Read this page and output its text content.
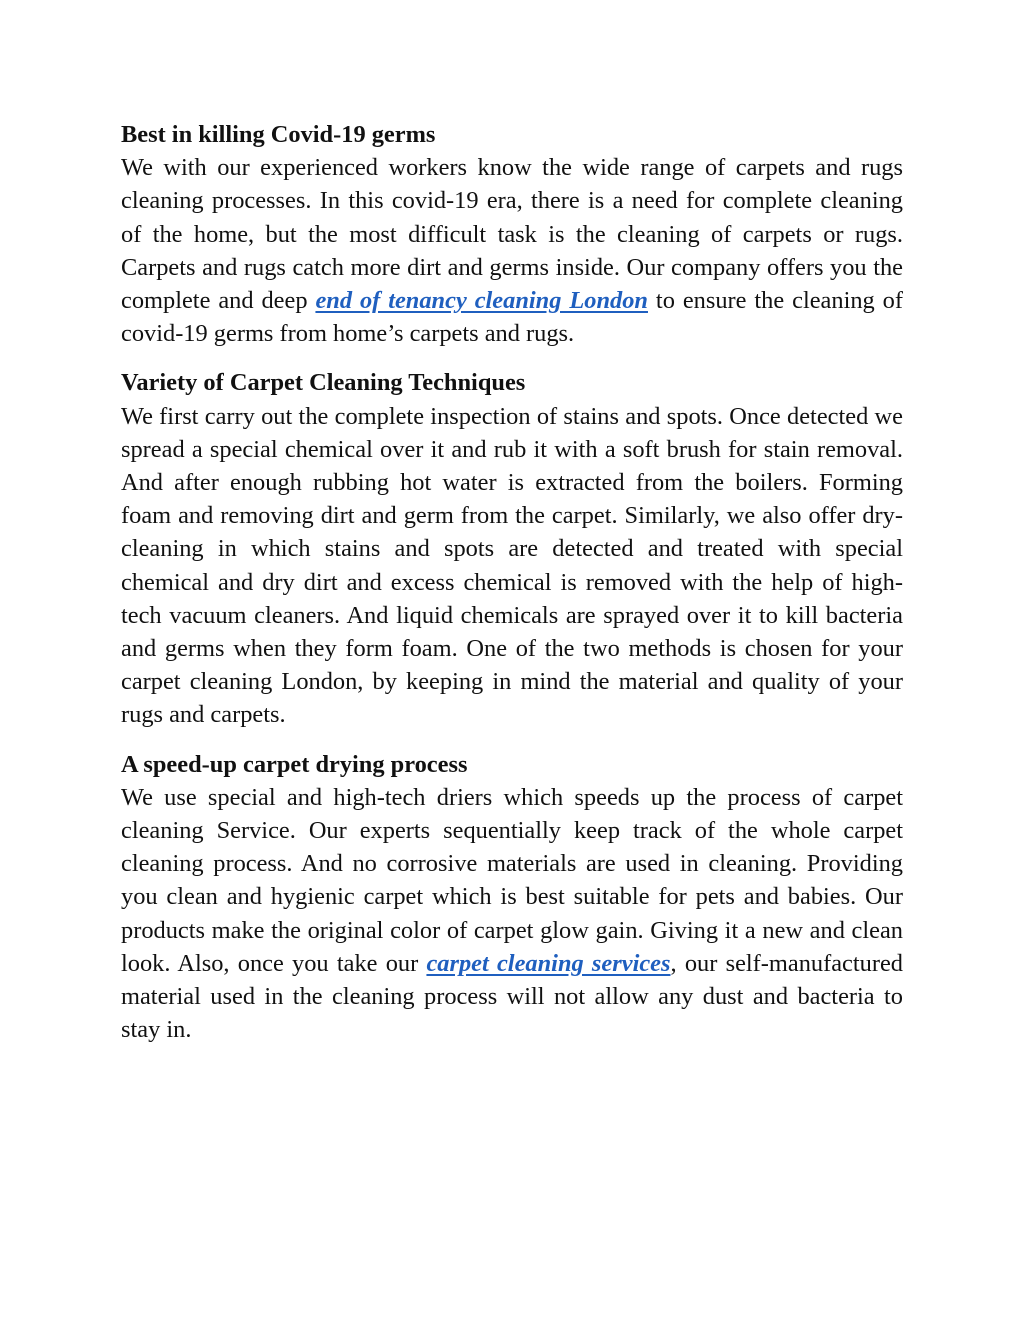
Best in killing Covid-19 germs

We with our experienced workers know the wide range of carpets and rugs cleaning processes. In this covid-19 era, there is a need for complete cleaning of the home, but the most difficult task is the cleaning of carpets or rugs. Carpets and rugs catch more dirt and germs inside. Our company offers you the complete and deep end of tenancy cleaning London to ensure the cleaning of covid-19 germs from home’s carpets and rugs.

Variety of Carpet Cleaning Techniques

We first carry out the complete inspection of stains and spots. Once detected we spread a special chemical over it and rub it with a soft brush for stain removal. And after enough rubbing hot water is extracted from the boilers. Forming foam and removing dirt and germ from the carpet. Similarly, we also offer dry-cleaning in which stains and spots are detected and treated with special chemical and dry dirt and excess chemical is removed with the help of high-tech vacuum cleaners. And liquid chemicals are sprayed over it to kill bacteria and germs when they form foam. One of the two methods is chosen for your carpet cleaning London, by keeping in mind the material and quality of your rugs and carpets.

A speed-up carpet drying process

We use special and high-tech driers which speeds up the process of carpet cleaning Service. Our experts sequentially keep track of the whole carpet cleaning process. And no corrosive materials are used in cleaning. Providing you clean and hygienic carpet which is best suitable for pets and babies. Our products make the original color of carpet glow gain. Giving it a new and clean look. Also, once you take our carpet cleaning services, our self-manufactured material used in the cleaning process will not allow any dust and bacteria to stay in.
